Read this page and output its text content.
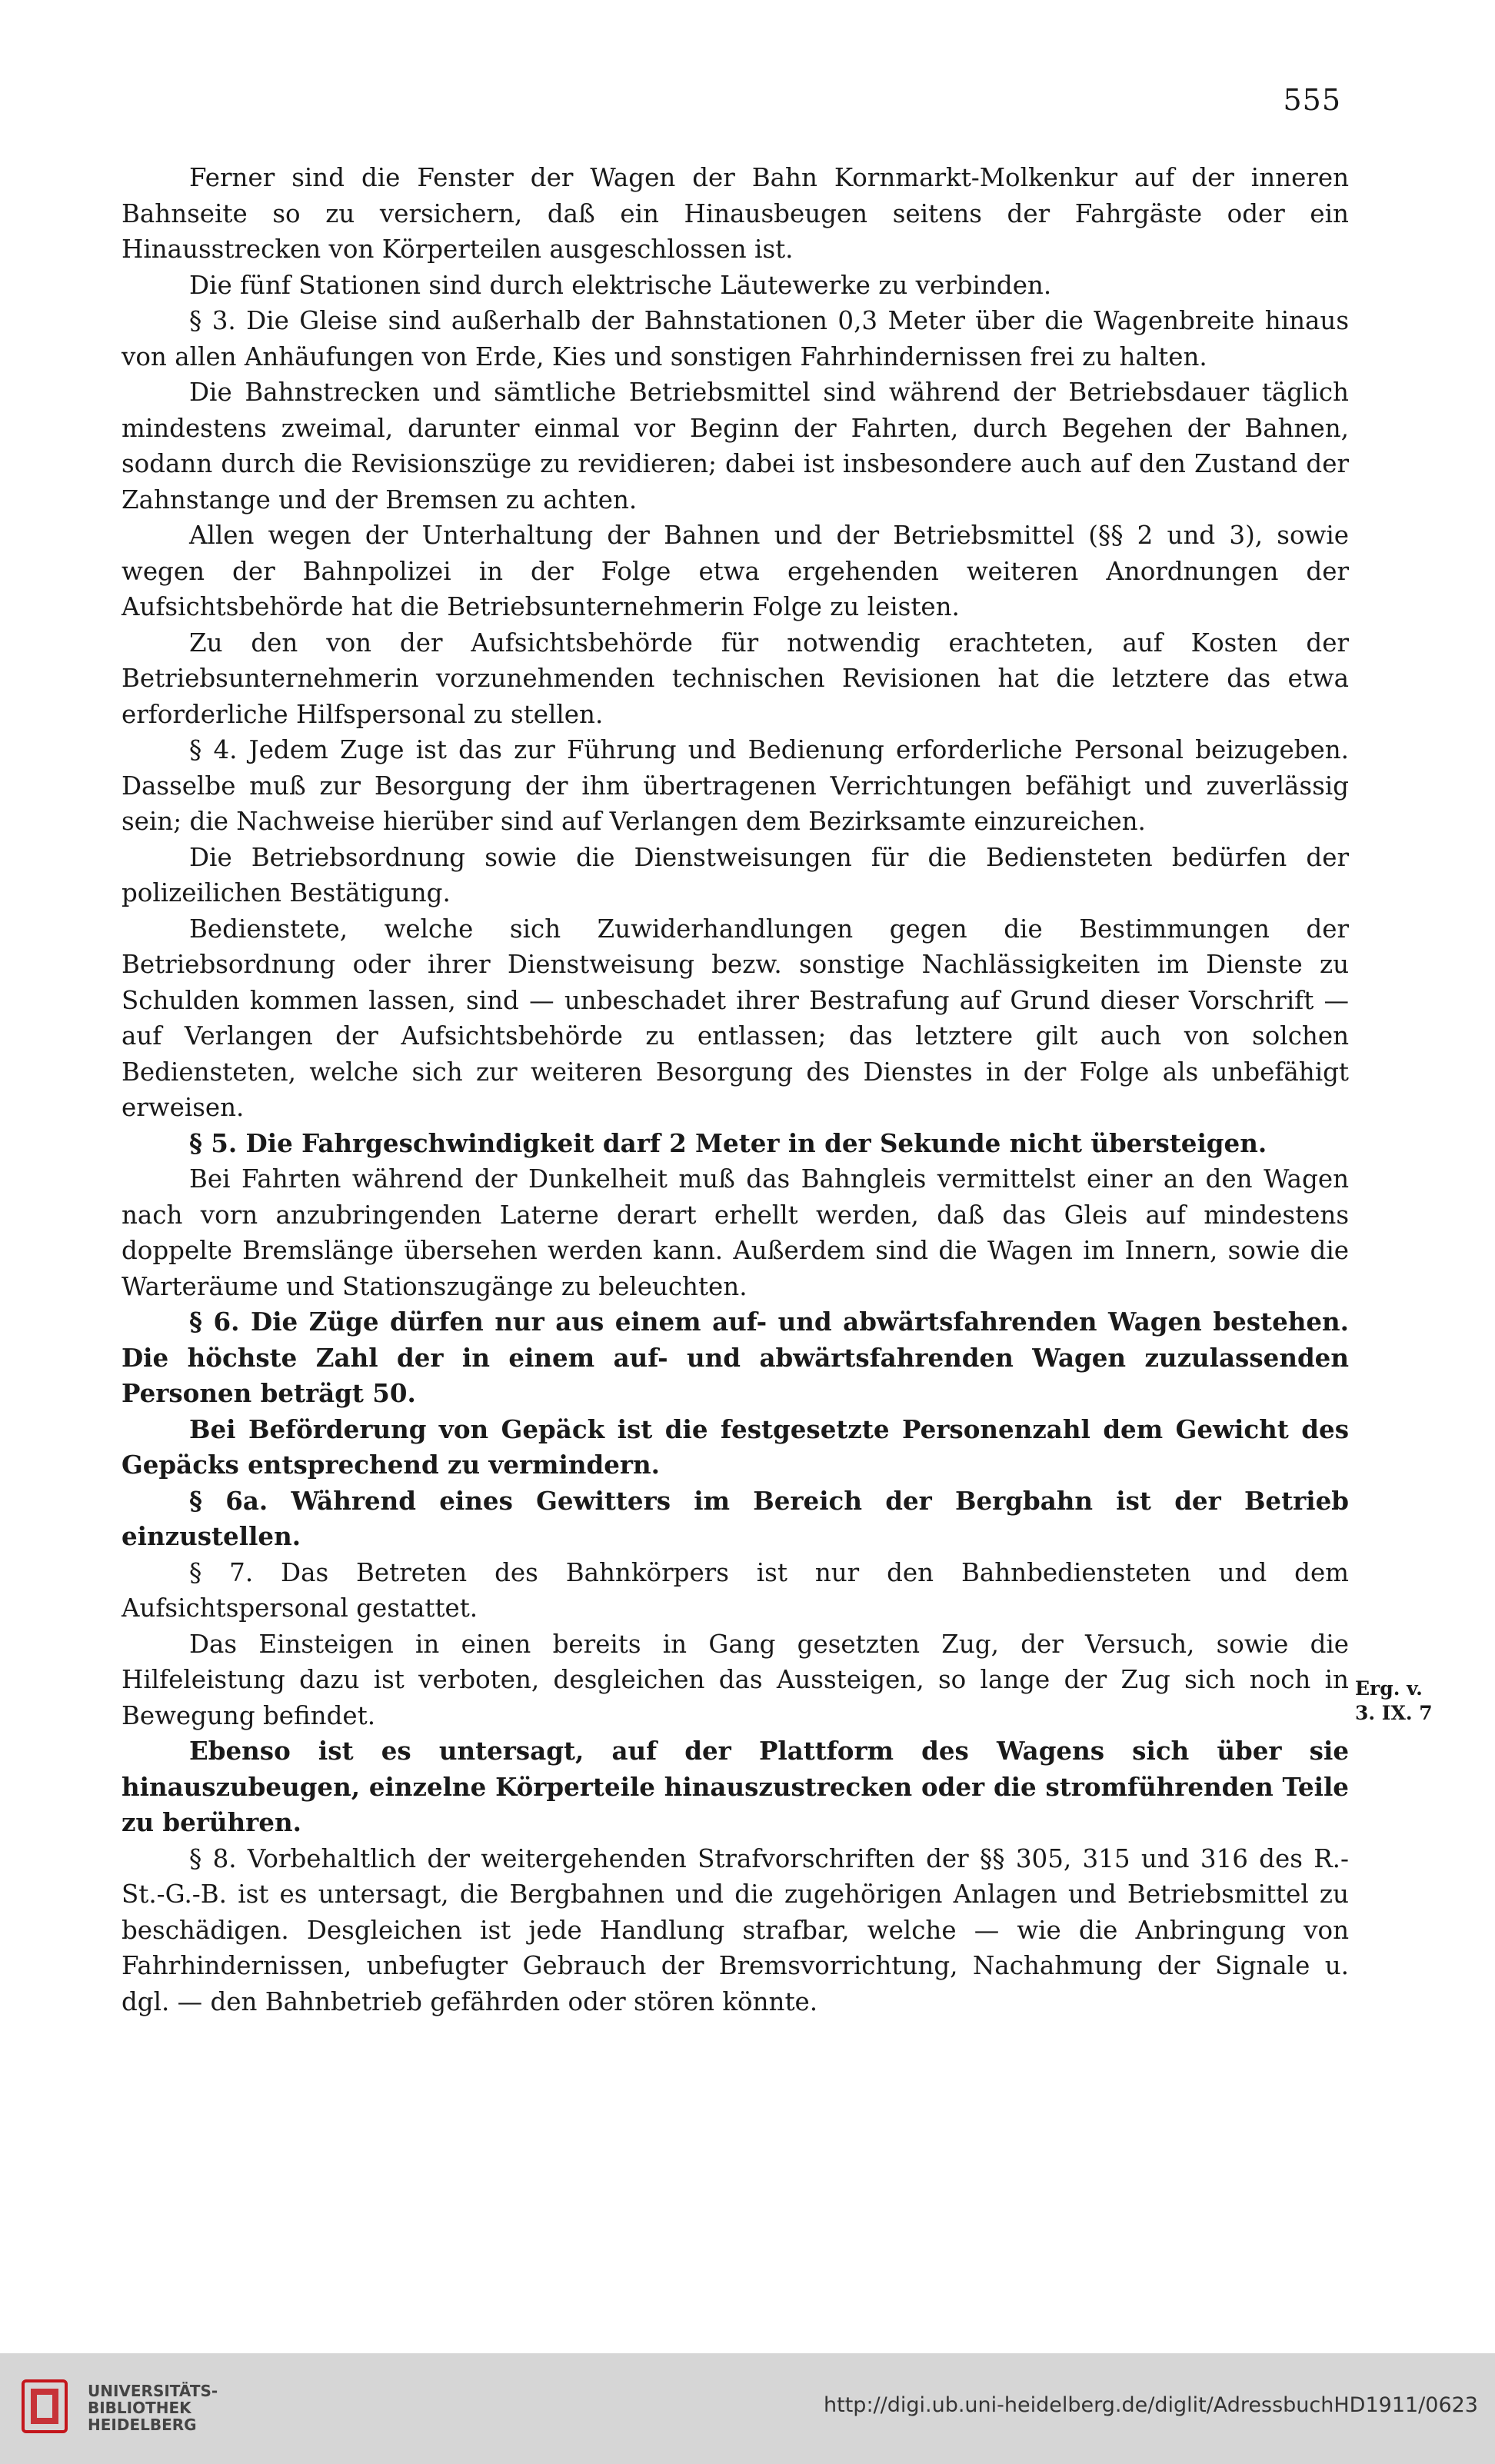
555

Ferner sind die Fenster der Wagen der Bahn Kornmarkt-Molkenkur auf der inneren Bahnseite so zu versichern, daß ein Hinausbeugen seitens der Fahrgäste oder ein Hinausstrecken von Körperteilen ausgeschlossen ist.

Die fünf Stationen sind durch elektrische Läutewerke zu verbinden.

§ 3. Die Gleise sind außerhalb der Bahnstationen 0,3 Meter über die Wagenbreite hinaus von allen Anhäufungen von Erde, Kies und sonstigen Fahrhindernissen frei zu halten.

Die Bahnstrecken und sämtliche Betriebsmittel sind während der Betriebsdauer täglich mindestens zweimal, darunter einmal vor Beginn der Fahrten, durch Begehen der Bahnen, sodann durch die Revisionszüge zu revidieren; dabei ist insbesondere auch auf den Zustand der Zahnstange und der Bremsen zu achten.

Allen wegen der Unterhaltung der Bahnen und der Betriebsmittel (§§ 2 und 3), sowie wegen der Bahnpolizei in der Folge etwa ergehenden weiteren Anordnungen der Aufsichtsbehörde hat die Betriebsunternehmerin Folge zu leisten.

Zu den von der Aufsichtsbehörde für notwendig erachteten, auf Kosten der Betriebsunternehmerin vorzunehmenden technischen Revisionen hat die letztere das etwa erforderliche Hilfspersonal zu stellen.

§ 4. Jedem Zuge ist das zur Führung und Bedienung erforderliche Personal beizugeben. Dasselbe muß zur Besorgung der ihm übertragenen Verrichtungen befähigt und zuverlässig sein; die Nachweise hierüber sind auf Verlangen dem Bezirksamte einzureichen.

Die Betriebsordnung sowie die Dienstweisungen für die Bediensteten bedürfen der polizeilichen Bestätigung.

Bedienstete, welche sich Zuwiderhandlungen gegen die Bestimmungen der Betriebsordnung oder ihrer Dienstweisung bezw. sonstige Nachlässigkeiten im Dienste zu Schulden kommen lassen, sind — unbeschadet ihrer Bestrafung auf Grund dieser Vorschrift — auf Verlangen der Aufsichtsbehörde zu entlassen; das letztere gilt auch von solchen Bediensteten, welche sich zur weiteren Besorgung des Dienstes in der Folge als unbefähigt erweisen.

§ 5. Die Fahrgeschwindigkeit darf 2 Meter in der Sekunde nicht übersteigen.

Bei Fahrten während der Dunkelheit muß das Bahngleis vermittelst einer an den Wagen nach vorn anzubringenden Laterne derart erhellt werden, daß das Gleis auf mindestens doppelte Bremslänge übersehen werden kann. Außerdem sind die Wagen im Innern, sowie die Warteräume und Stationszugänge zu beleuchten.

§ 6. Die Züge dürfen nur aus einem auf- und abwärtsfahrenden Wagen bestehen. Die höchste Zahl der in einem auf- und abwärtsfahrenden Wagen zuzulassenden Personen beträgt 50.

Bei Beförderung von Gepäck ist die festgesetzte Personenzahl dem Gewicht des Gepäcks entsprechend zu vermindern.

§ 6a. Während eines Gewitters im Bereich der Bergbahn ist der Betrieb einzustellen.

§ 7. Das Betreten des Bahnkörpers ist nur den Bahnbediensteten und dem Aufsichtspersonal gestattet.

Das Einsteigen in einen bereits in Gang gesetzten Zug, der Versuch, sowie die Hilfeleistung dazu ist verboten, desgleichen das Aussteigen, so lange der Zug sich noch in Bewegung befindet.

Ebenso ist es untersagt, auf der Plattform des Wagens sich über sie hinauszubeugen, einzelne Körperteile hinauszustrecken oder die stromführenden Teile zu berühren.

§ 8. Vorbehaltlich der weitergehenden Strafvorschriften der §§ 305, 315 und 316 des R.-St.-G.-B. ist es untersagt, die Bergbahnen und die zugehörigen Anlagen und Betriebsmittel zu beschädigen. Desgleichen ist jede Handlung strafbar, welche — wie die Anbringung von Fahrhindernissen, unbefugter Gebrauch der Bremsvorrichtung, Nachahmung der Signale u. dgl. — den Bahnbetrieb gefährden oder stören könnte.

Erg. v.
3. IX. 7
UNIVERSITÄTS-
BIBLIOTHEK
HEIDELBERG
http://digi.ub.uni-heidelberg.de/diglit/AdressbuchHD1911/0623
